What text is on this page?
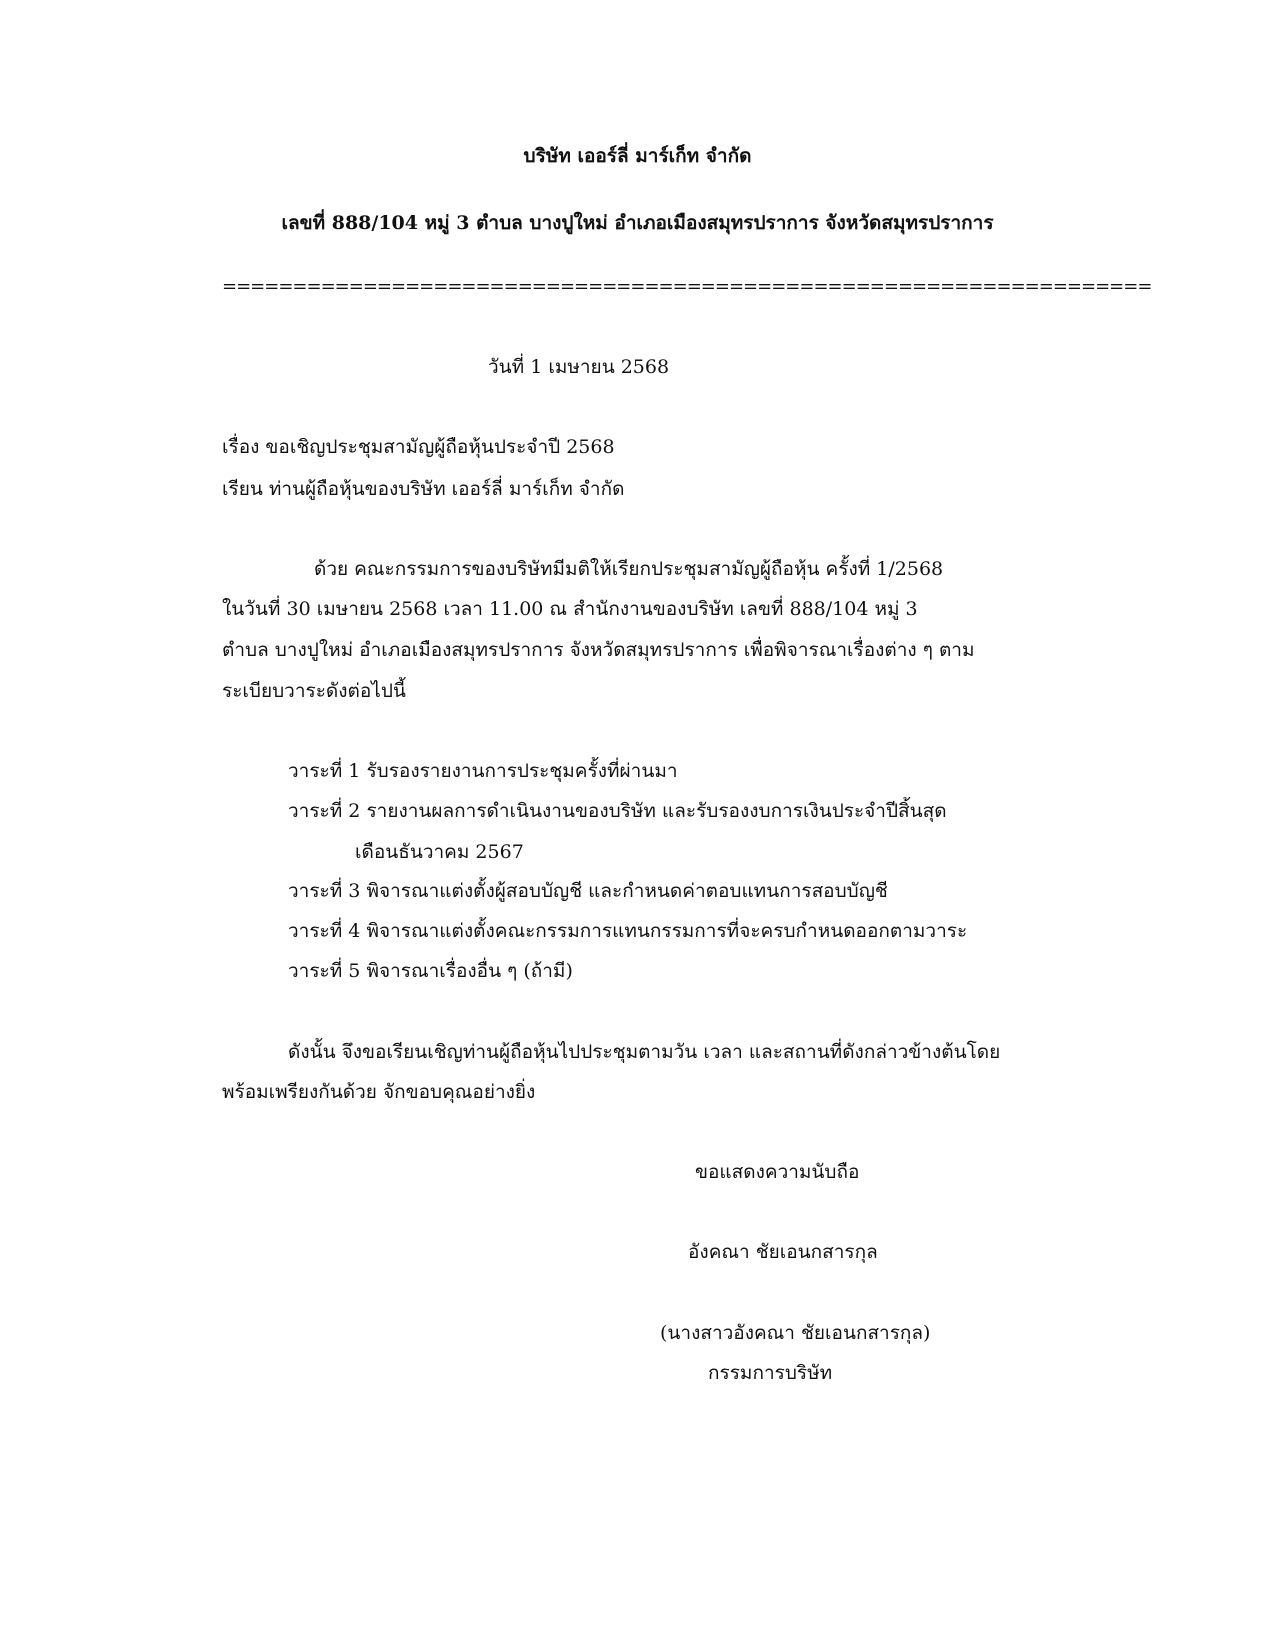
บริษัท เออร์ลี่ มาร์เก็ท จำกัด
เลขที่ 888/104 หมู่ 3 ตำบล บางปูใหม่ อำเภอเมืองสมุทรปราการ จังหวัดสมุทรปราการ
==================================================================
วันที่ 1 เมษายน 2568
เรื่อง ขอเชิญประชุมสามัญผู้ถือหุ้นประจำปี 2568
เรียน ท่านผู้ถือหุ้นของบริษัท เออร์ลี่ มาร์เก็ท จำกัด
ด้วย คณะกรรมการของบริษัทมีมติให้เรียกประชุมสามัญผู้ถือหุ้น ครั้งที่ 1/2568
ในวันที่ 30 เมษายน 2568 เวลา 11.00 ณ สำนักงานของบริษัท เลขที่ 888/104 หมู่ 3
ตำบล บางปูใหม่ อำเภอเมืองสมุทรปราการ จังหวัดสมุทรปราการ เพื่อพิจารณาเรื่องต่าง ๆ ตาม
ระเบียบวาระดังต่อไปนี้
วาระที่ 1 รับรองรายงานการประชุมครั้งที่ผ่านมา
วาระที่ 2 รายงานผลการดำเนินงานของบริษัท และรับรองงบการเงินประจำปีสิ้นสุด
เดือนธันวาคม 2567
วาระที่ 3 พิจารณาแต่งตั้งผู้สอบบัญชี และกำหนดค่าตอบแทนการสอบบัญชี
วาระที่ 4 พิจารณาแต่งตั้งคณะกรรมการแทนกรรมการที่จะครบกำหนดออกตามวาระ
วาระที่ 5 พิจารณาเรื่องอื่น ๆ (ถ้ามี)
ดังนั้น จึงขอเรียนเชิญท่านผู้ถือหุ้นไปประชุมตามวัน เวลา และสถานที่ดังกล่าวข้างต้นโดย
พร้อมเพรียงกันด้วย จักขอบคุณอย่างยิ่ง
ขอแสดงความนับถือ
อังคณา ชัยเอนกสารกุล
(นางสาวอังคณา ชัยเอนกสารกุล)
กรรมการบริษัท
